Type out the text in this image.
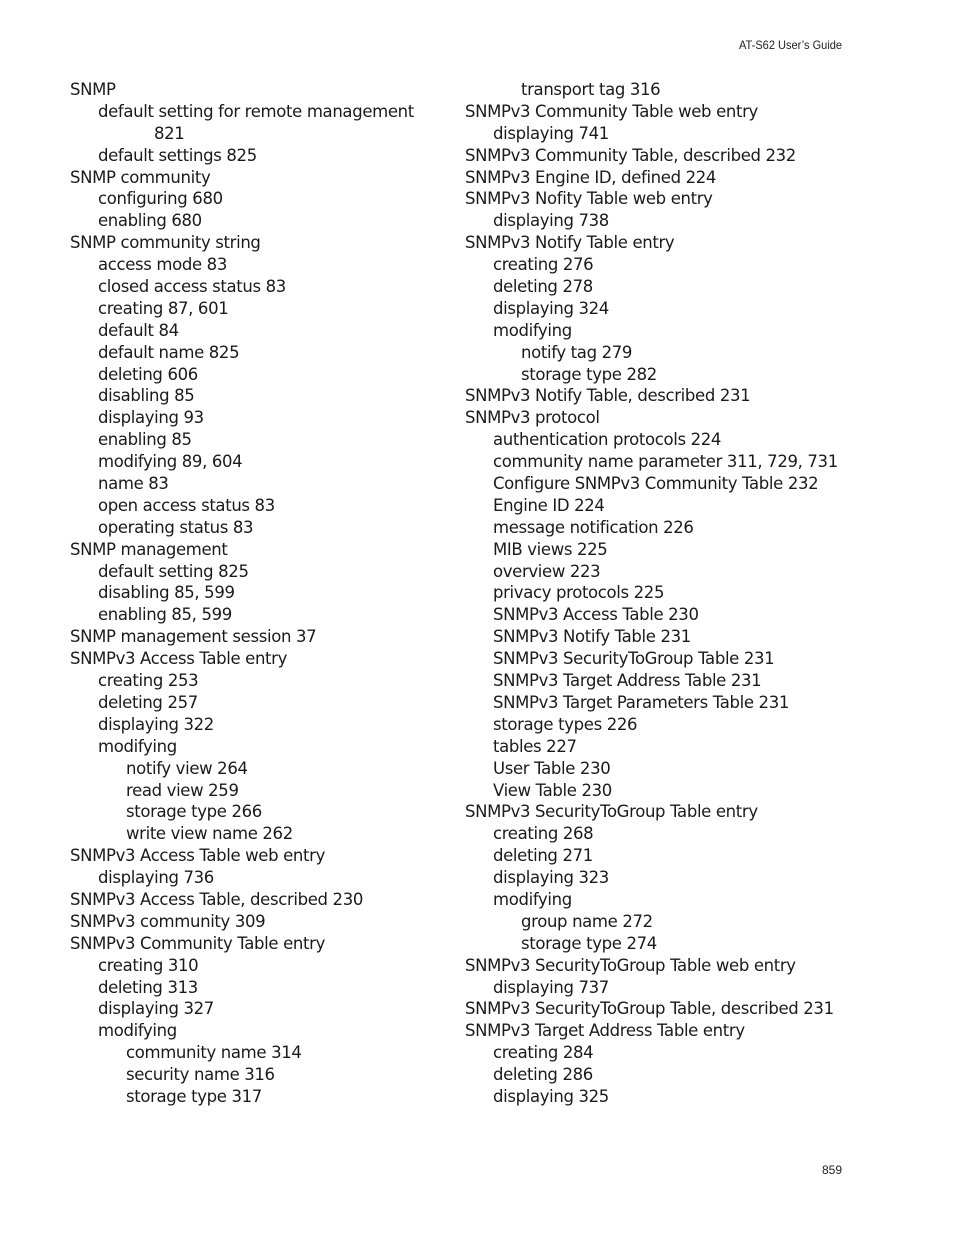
AT-S62 User’s Guide
SNMP
default setting for remote management
821
default settings 825
SNMP community
configuring 680
enabling 680
SNMP community string
access mode 83
closed access status 83
creating 87, 601
default 84
default name 825
deleting 606
disabling 85
displaying 93
enabling 85
modifying 89, 604
name 83
open access status 83
operating status 83
SNMP management
default setting 825
disabling 85, 599
enabling 85, 599
SNMP management session 37
SNMPv3 Access Table entry
creating 253
deleting 257
displaying 322
modifying
notify view 264
read view 259
storage type 266
write view name 262
SNMPv3 Access Table web entry
displaying 736
SNMPv3 Access Table, described 230
SNMPv3 community 309
SNMPv3 Community Table entry
creating 310
deleting 313
displaying 327
modifying
community name 314
security name 316
storage type 317
transport tag 316
SNMPv3 Community Table web entry
displaying 741
SNMPv3 Community Table, described 232
SNMPv3 Engine ID, defined 224
SNMPv3 Nofity Table web entry
displaying 738
SNMPv3 Notify Table entry
creating 276
deleting 278
displaying 324
modifying
notify tag 279
storage type 282
SNMPv3 Notify Table, described 231
SNMPv3 protocol
authentication protocols 224
community name parameter 311, 729, 731
Configure SNMPv3 Community Table 232
Engine ID 224
message notification 226
MIB views 225
overview 223
privacy protocols 225
SNMPv3 Access Table 230
SNMPv3 Notify Table 231
SNMPv3 SecurityToGroup Table 231
SNMPv3 Target Address Table 231
SNMPv3 Target Parameters Table 231
storage types 226
tables 227
User Table 230
View Table 230
SNMPv3 SecurityToGroup Table entry
creating 268
deleting 271
displaying 323
modifying
group name 272
storage type 274
SNMPv3 SecurityToGroup Table web entry
displaying 737
SNMPv3 SecurityToGroup Table, described 231
SNMPv3 Target Address Table entry
creating 284
deleting 286
displaying 325
859
